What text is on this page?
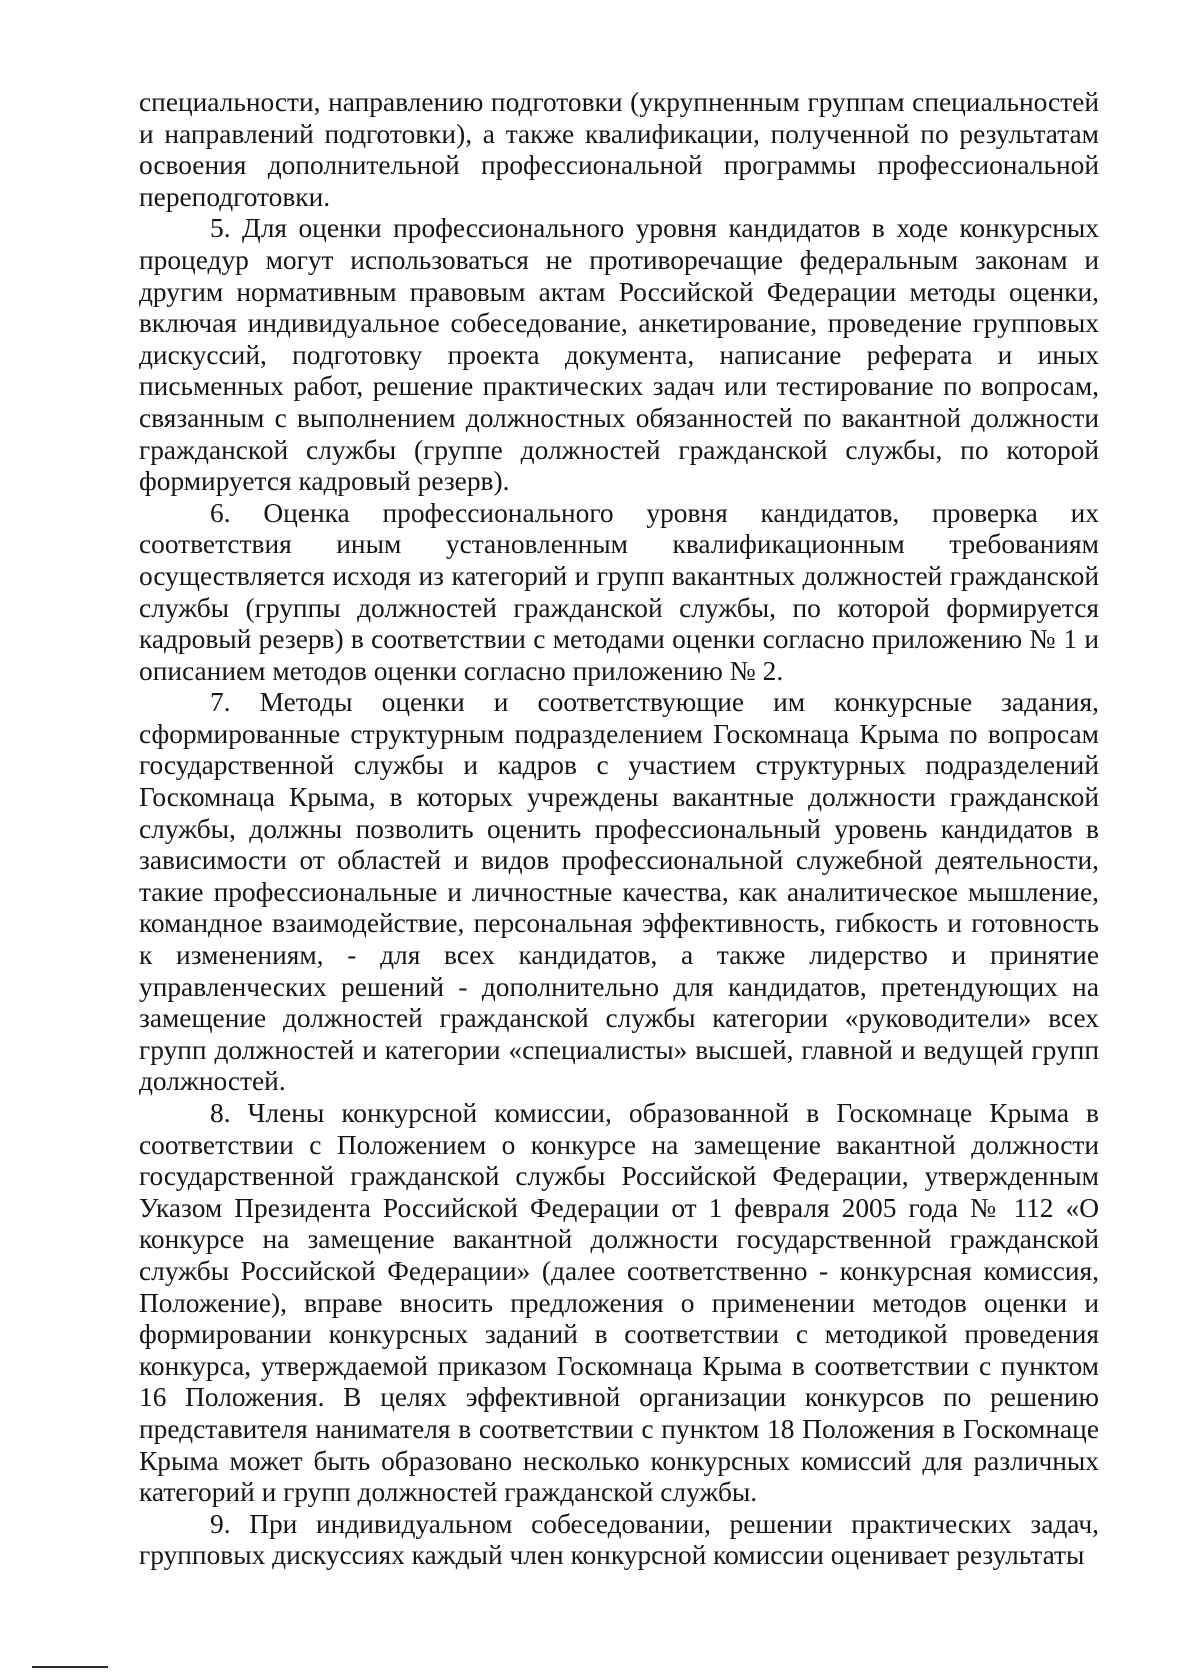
специальности, направлению подготовки (укрупненным группам специальностей и направлений подготовки), а также квалификации, полученной по результатам освоения дополнительной профессиональной программы профессиональной переподготовки.

5. Для оценки профессионального уровня кандидатов в ходе конкурсных процедур могут использоваться не противоречащие федеральным законам и другим нормативным правовым актам Российской Федерации методы оценки, включая индивидуальное собеседование, анкетирование, проведение групповых дискуссий, подготовку проекта документа, написание реферата и иных письменных работ, решение практических задач или тестирование по вопросам, связанным с выполнением должностных обязанностей по вакантной должности гражданской службы (группе должностей гражданской службы, по которой формируется кадровый резерв).

6. Оценка профессионального уровня кандидатов, проверка их соответствия иным установленным квалификационным требованиям осуществляется исходя из категорий и групп вакантных должностей гражданской службы (группы должностей гражданской службы, по которой формируется кадровый резерв) в соответствии с методами оценки согласно приложению № 1 и описанием методов оценки согласно приложению № 2.

7. Методы оценки и соответствующие им конкурсные задания, сформированные структурным подразделением Госкомнаца Крыма по вопросам государственной службы и кадров с участием структурных подразделений Госкомнаца Крыма, в которых учреждены вакантные должности гражданской службы, должны позволить оценить профессиональный уровень кандидатов в зависимости от областей и видов профессиональной служебной деятельности, такие профессиональные и личностные качества, как аналитическое мышление, командное взаимодействие, персональная эффективность, гибкость и готовность к изменениям, - для всех кандидатов, а также лидерство и принятие управленческих решений - дополнительно для кандидатов, претендующих на замещение должностей гражданской службы категории «руководители» всех групп должностей и категории «специалисты» высшей, главной и ведущей групп должностей.

8. Члены конкурсной комиссии, образованной в Госкомнаце Крыма в соответствии с Положением о конкурсе на замещение вакантной должности государственной гражданской службы Российской Федерации, утвержденным Указом Президента Российской Федерации от 1 февраля 2005 года № 112 «О конкурсе на замещение вакантной должности государственной гражданской службы Российской Федерации» (далее соответственно - конкурсная комиссия, Положение), вправе вносить предложения о применении методов оценки и формировании конкурсных заданий в соответствии с методикой проведения конкурса, утверждаемой приказом Госкомнаца Крыма в соответствии с пунктом 16 Положения. В целях эффективной организации конкурсов по решению представителя нанимателя в соответствии с пунктом 18 Положения в Госкомнаце Крыма может быть образовано несколько конкурсных комиссий для различных категорий и групп должностей гражданской службы.

9. При индивидуальном собеседовании, решении практических задач, групповых дискуссиях каждый член конкурсной комиссии оценивает результаты
